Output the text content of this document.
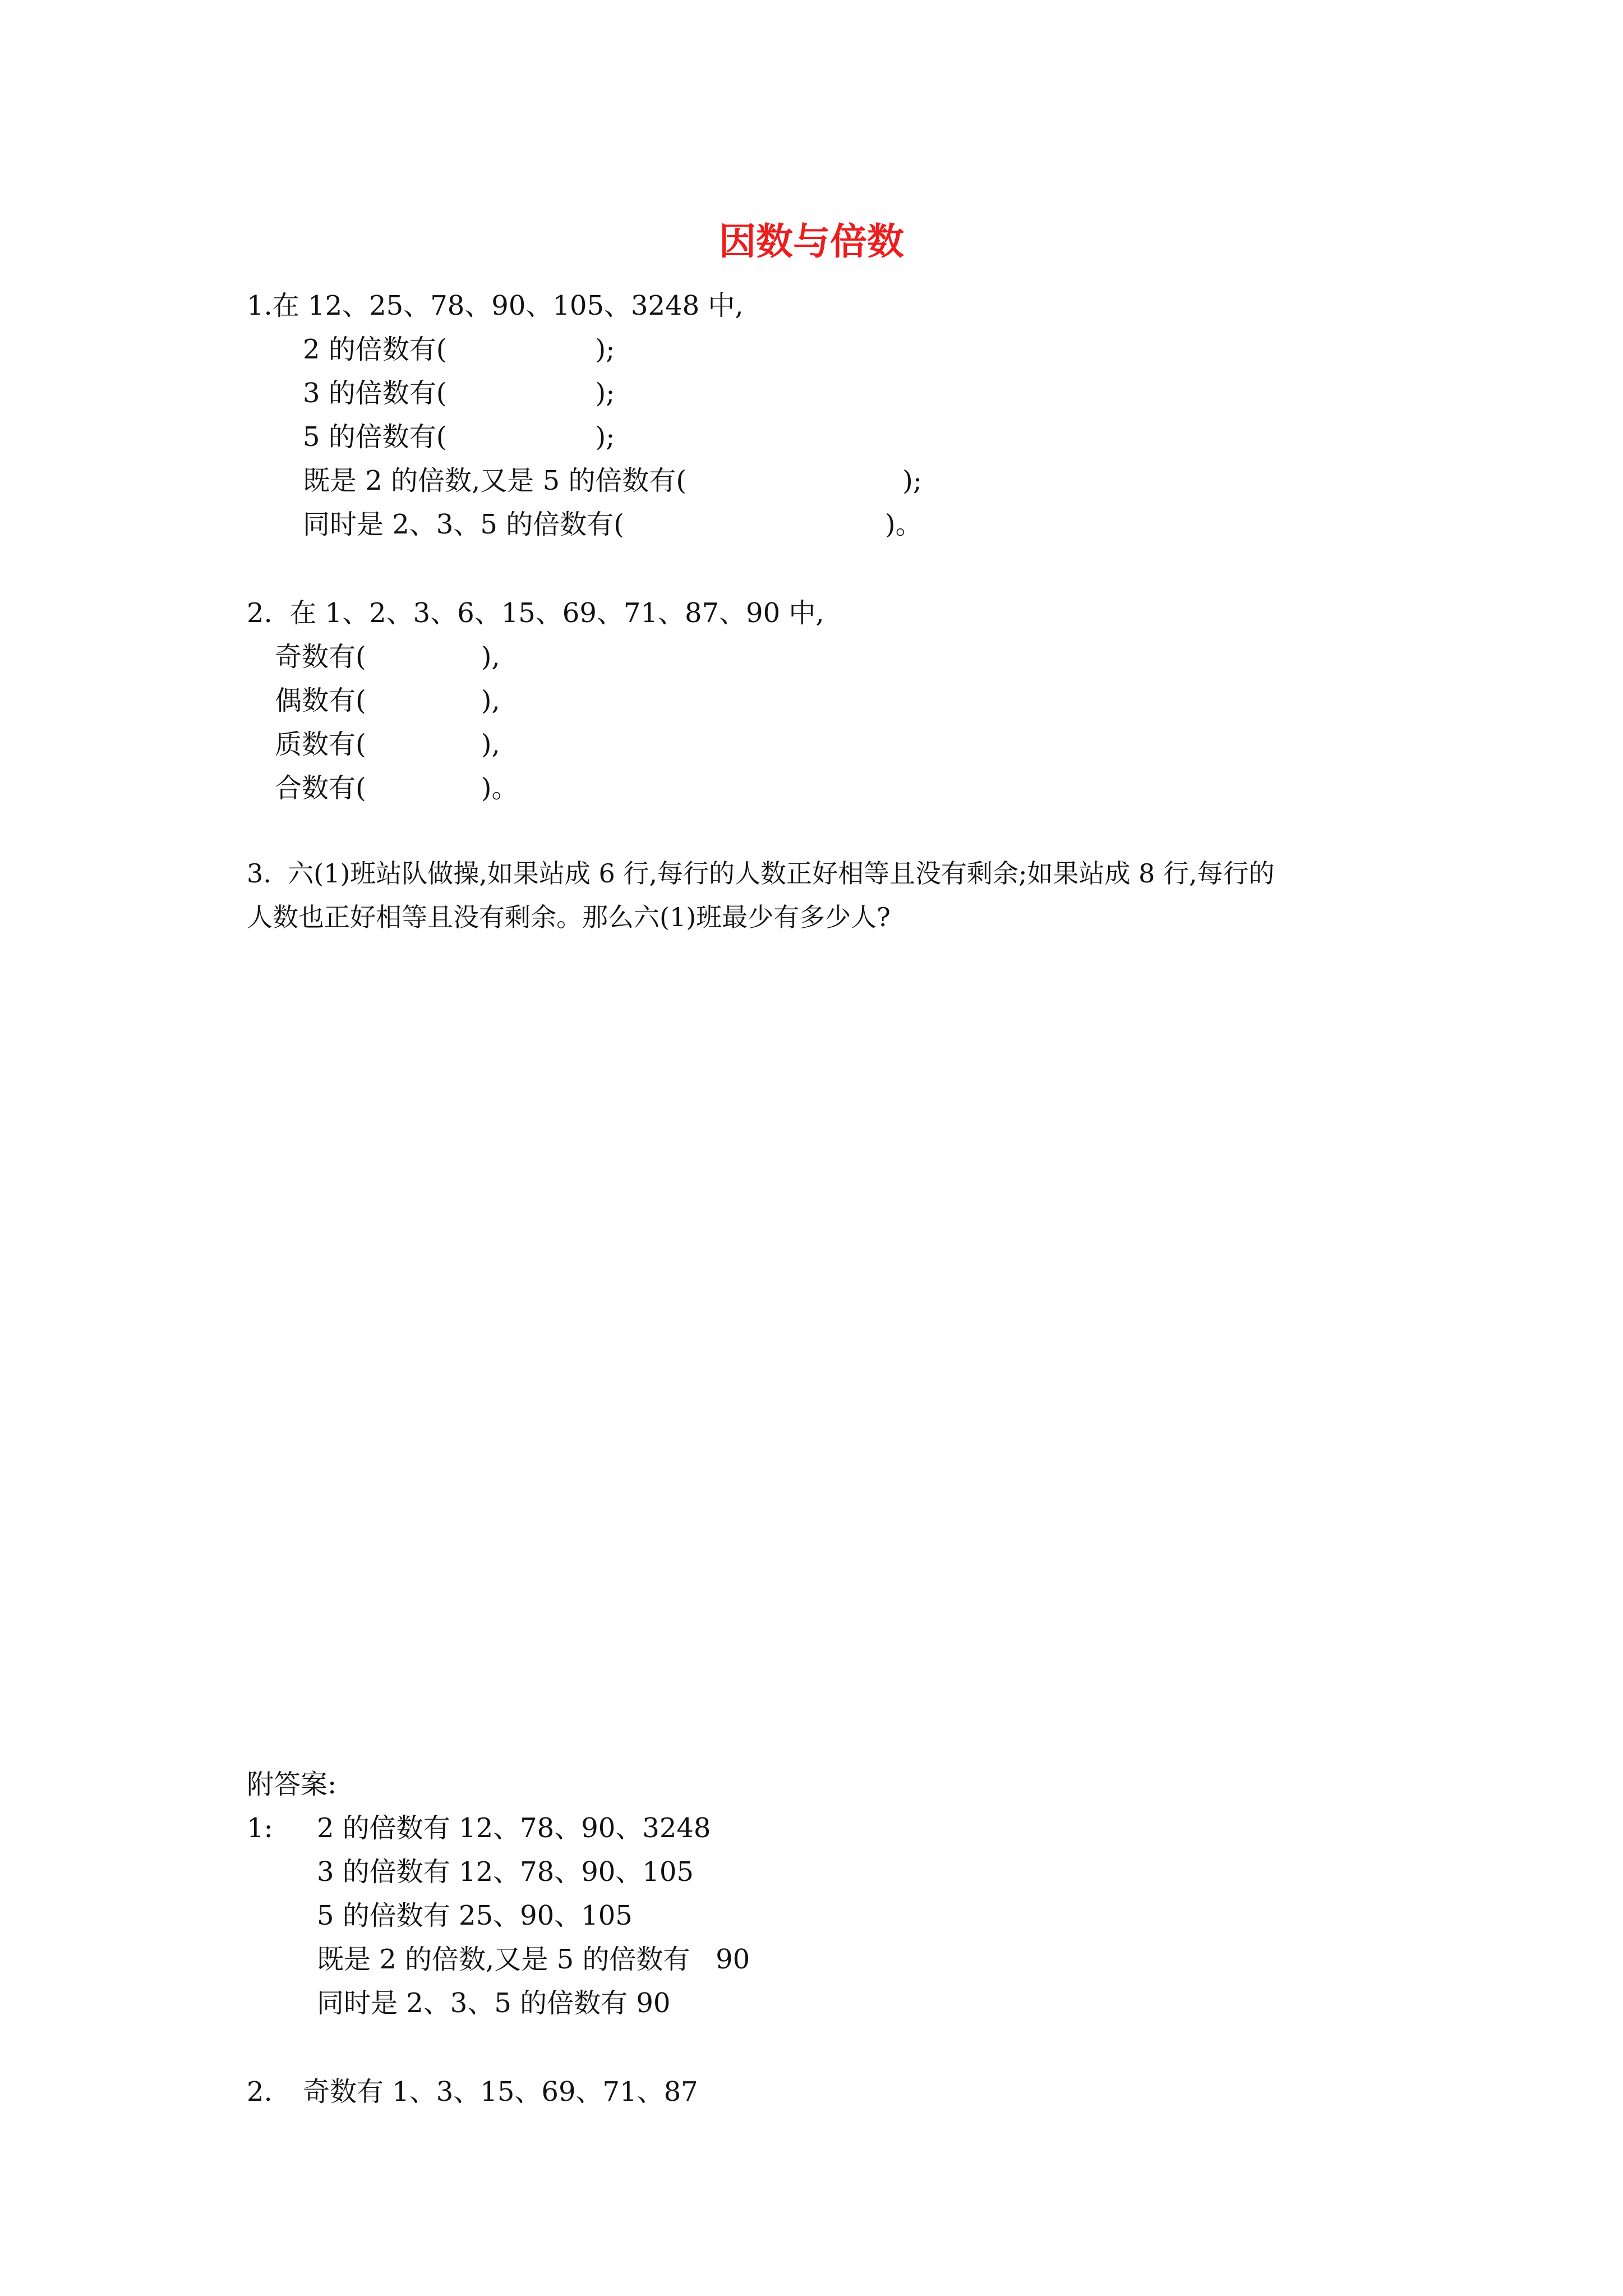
因数与倍数

1.在 12、25、78、90、105、3248 中,

2 的倍数有(	);

3 的倍数有(	);

5 的倍数有(	);

既是 2 的倍数,又是 5 的倍数有(	);

同时是 2、3、5 的倍数有(	)。

2.  在 1、2、3、6、15、69、71、87、90 中,

奇数有(	),

偶数有(	),

质数有(	),

合数有(	)。

3.  六(1)班站队做操,如果站成 6 行,每行的人数正好相等且没有剩余;如果站成 8 行,每行的

人数也正好相等且没有剩余。那么六(1)班最少有多少人?

附答案:

1: 2 的倍数有 12、78、90、3248

3 的倍数有 12、78、90、105

5 的倍数有 25、90、105

既是 2 的倍数,又是 5 的倍数有   90

同时是 2、3、5 的倍数有 90

2. 奇数有 1、3、15、69、71、87
